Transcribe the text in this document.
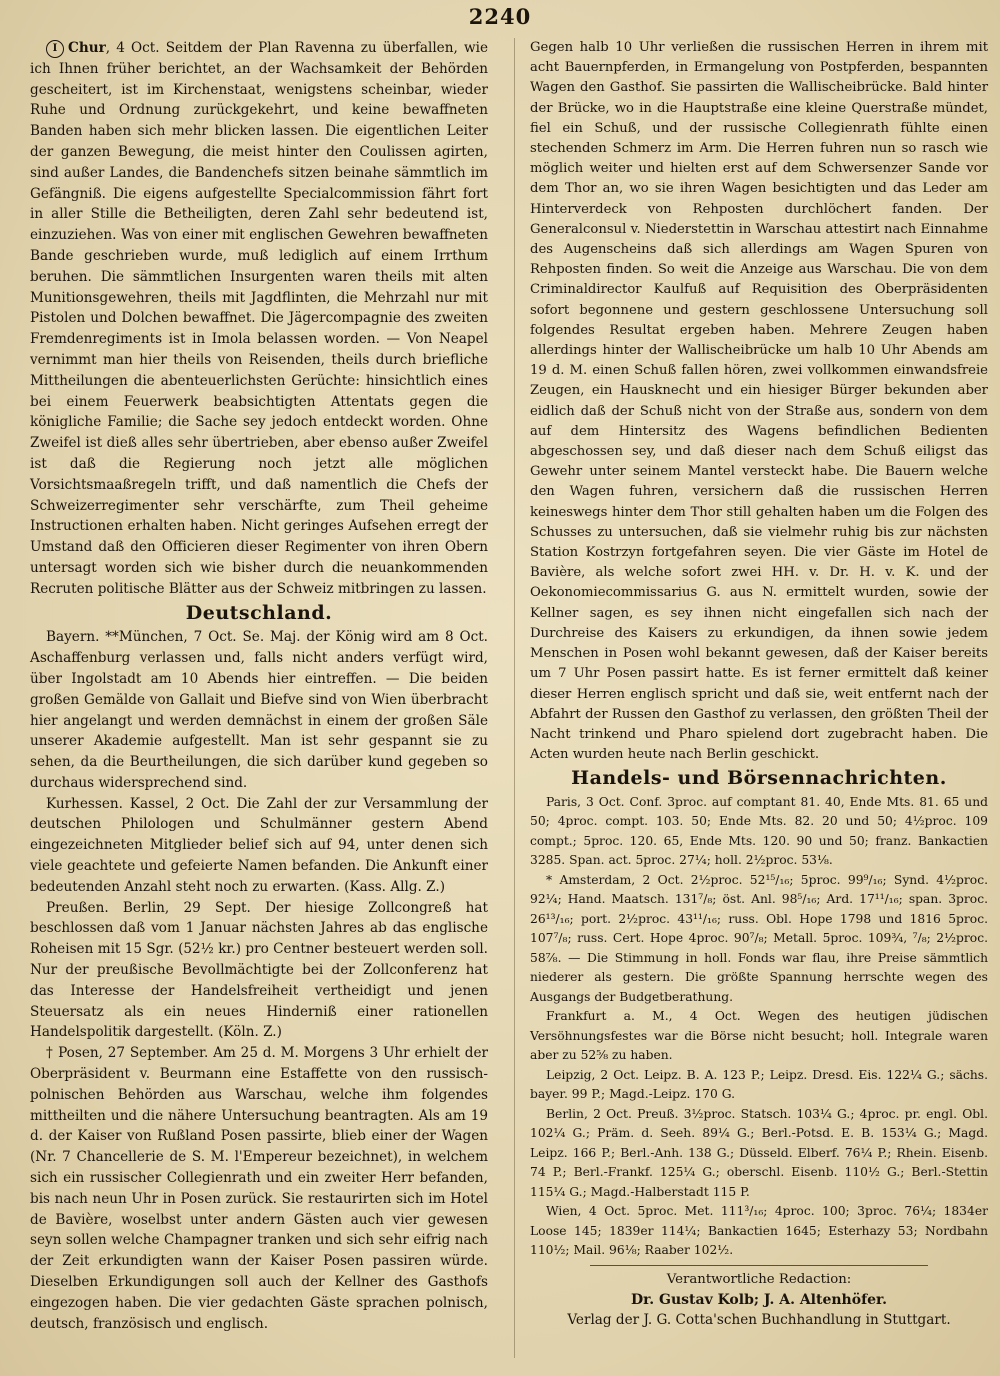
2240

I Chur, 4 Oct. Seitdem der Plan Ravenna zu überfallen, wie ich Ihnen früher berichtet, an der Wachsamkeit der Behörden gescheitert, ist im Kirchenstaat, wenigstens scheinbar, wieder Ruhe und Ordnung zurückgekehrt, und keine bewaffneten Banden haben sich mehr blicken lassen. Die eigentlichen Leiter der ganzen Bewegung, die meist hinter den Coulissen agirten, sind außer Landes, die Bandenchefs sitzen beinahe sämmtlich im Gefängniß. Die eigens aufgestellte Specialcommission fährt fort in aller Stille die Betheiligten, deren Zahl sehr bedeutend ist, einzuziehen. Was von einer mit englischen Gewehren bewaffneten Bande geschrieben wurde, muß lediglich auf einem Irrthum beruhen. Die sämmtlichen Insurgenten waren theils mit alten Munitionsgewehren, theils mit Jagdflinten, die Mehrzahl nur mit Pistolen und Dolchen bewaffnet. Die Jägercompagnie des zweiten Fremdenregiments ist in Imola belassen worden. — Von Neapel vernimmt man hier theils von Reisenden, theils durch briefliche Mittheilungen die abenteuerlichsten Gerüchte: hinsichtlich eines bei einem Feuerwerk beabsichtigten Attentats gegen die königliche Familie; die Sache sey jedoch entdeckt worden. Ohne Zweifel ist dieß alles sehr übertrieben, aber ebenso außer Zweifel ist daß die Regierung noch jetzt alle möglichen Vorsichtsmaaßregeln trifft, und daß namentlich die Chefs der Schweizerregimenter sehr verschärfte, zum Theil geheime Instructionen erhalten haben. Nicht geringes Aufsehen erregt der Umstand daß den Officieren dieser Regimenter von ihren Obern untersagt worden sich wie bisher durch die neuankommenden Recruten politische Blätter aus der Schweiz mitbringen zu lassen.

Deutschland.

Bayern. **München, 7 Oct. Se. Maj. der König wird am 8 Oct. Aschaffenburg verlassen und, falls nicht anders verfügt wird, über Ingolstadt am 10 Abends hier eintreffen. — Die beiden großen Gemälde von Gallait und Biefve sind von Wien überbracht hier angelangt und werden demnächst in einem der großen Säle unserer Akademie aufgestellt. Man ist sehr gespannt sie zu sehen, da die Beurtheilungen, die sich darüber kund gegeben so durchaus widersprechend sind.

Kurhessen. Kassel, 2 Oct. Die Zahl der zur Versammlung der deutschen Philologen und Schulmänner gestern Abend eingezeichneten Mitglieder belief sich auf 94, unter denen sich viele geachtete und gefeierte Namen befanden. Die Ankunft einer bedeutenden Anzahl steht noch zu erwarten. (Kass. Allg. Z.)

Preußen. Berlin, 29 Sept. Der hiesige Zollcongreß hat beschlossen daß vom 1 Januar nächsten Jahres ab das englische Roheisen mit 15 Sgr. (52½ kr.) pro Centner besteuert werden soll. Nur der preußische Bevollmächtigte bei der Zollconferenz hat das Interesse der Handelsfreiheit vertheidigt und jenen Steuersatz als ein neues Hinderniß einer rationellen Handelspolitik dargestellt. (Köln. Z.)

† Posen, 27 September. Am 25 d. M. Morgens 3 Uhr erhielt der Oberpräsident v. Beurmann eine Estaffette von den russisch-polnischen Behörden aus Warschau, welche ihm folgendes mittheilten und die nähere Untersuchung beantragten. Als am 19 d. der Kaiser von Rußland Posen passirte, blieb einer der Wagen (Nr. 7 Chancellerie de S. M. l'Empereur bezeichnet), in welchem sich ein russischer Collegienrath und ein zweiter Herr befanden, bis nach neun Uhr in Posen zurück. Sie restaurirten sich im Hotel de Bavière, woselbst unter andern Gästen auch vier gewesen seyn sollen welche Champagner tranken und sich sehr eifrig nach der Zeit erkundigten wann der Kaiser Posen passiren würde. Dieselben Erkundigungen soll auch der Kellner des Gasthofs eingezogen haben. Die vier gedachten Gäste sprachen polnisch, deutsch, französisch und englisch.

Gegen halb 10 Uhr verließen die russischen Herren in ihrem mit acht Bauernpferden, in Ermangelung von Postpferden, bespannten Wagen den Gasthof. Sie passirten die Wallischeibrücke. Bald hinter der Brücke, wo in die Hauptstraße eine kleine Querstraße mündet, fiel ein Schuß, und der russische Collegienrath fühlte einen stechenden Schmerz im Arm. Die Herren fuhren nun so rasch wie möglich weiter und hielten erst auf dem Schwersenzer Sande vor dem Thor an, wo sie ihren Wagen besichtigten und das Leder am Hinterverdeck von Rehposten durchlöchert fanden. Der Generalconsul v. Niederstettin in Warschau attestirt nach Einnahme des Augenscheins daß sich allerdings am Wagen Spuren von Rehposten finden. So weit die Anzeige aus Warschau. Die von dem Criminaldirector Kaulfuß auf Requisition des Oberpräsidenten sofort begonnene und gestern geschlossene Untersuchung soll folgendes Resultat ergeben haben. Mehrere Zeugen haben allerdings hinter der Wallischeibrücke um halb 10 Uhr Abends am 19 d. M. einen Schuß fallen hören, zwei vollkommen einwandsfreie Zeugen, ein Hausknecht und ein hiesiger Bürger bekunden aber eidlich daß der Schuß nicht von der Straße aus, sondern von dem auf dem Hintersitz des Wagens befindlichen Bedienten abgeschossen sey, und daß dieser nach dem Schuß eiligst das Gewehr unter seinem Mantel versteckt habe. Die Bauern welche den Wagen fuhren, versichern daß die russischen Herren keineswegs hinter dem Thor still gehalten haben um die Folgen des Schusses zu untersuchen, daß sie vielmehr ruhig bis zur nächsten Station Kostrzyn fortgefahren seyen. Die vier Gäste im Hotel de Bavière, als welche sofort zwei HH. v. Dr. H. v. K. und der Oekonomiecommissarius G. aus N. ermittelt wurden, sowie der Kellner sagen, es sey ihnen nicht eingefallen sich nach der Durchreise des Kaisers zu erkundigen, da ihnen sowie jedem Menschen in Posen wohl bekannt gewesen, daß der Kaiser bereits um 7 Uhr Posen passirt hatte. Es ist ferner ermittelt daß keiner dieser Herren englisch spricht und daß sie, weit entfernt nach der Abfahrt der Russen den Gasthof zu verlassen, den größten Theil der Nacht trinkend und Pharo spielend dort zugebracht haben. Die Acten wurden heute nach Berlin geschickt.

Handels- und Börsennachrichten.

Paris, 3 Oct. Conf. 3proc. auf comptant 81. 40, Ende Mts. 81. 65 und 50; 4proc. compt. 103. 50; Ende Mts. 82. 20 und 50; 4½proc. 109 compt.; 5proc. 120. 65, Ende Mts. 120. 90 und 50; franz. Bankactien 3285. Span. act. 5proc. 27¼; holl. 2½proc. 53⅛.

* Amsterdam, 2 Oct. 2½proc. 52¹⁵/₁₆; 5proc. 99⁹/₁₆; Synd. 4½proc. 92¼; Hand. Maatsch. 131⁷/₈; öst. Anl. 98⁵/₁₆; Ard. 17¹¹/₁₆; span. 3proc. 26¹³/₁₆; port. 2½proc. 43¹¹/₁₆; russ. Obl. Hope 1798 und 1816 5proc. 107⁷/₈; russ. Cert. Hope 4proc. 90⁷/₈; Metall. 5proc. 109¾, ⁷/₈; 2½proc. 58⅞. — Die Stimmung in holl. Fonds war flau, ihre Preise sämmtlich niederer als gestern. Die größte Spannung herrschte wegen des Ausgangs der Budgetberathung.

Frankfurt a. M., 4 Oct. Wegen des heutigen jüdischen Versöhnungsfestes war die Börse nicht besucht; holl. Integrale waren aber zu 52⅝ zu haben.

Leipzig, 2 Oct. Leipz. B. A. 123 P.; Leipz. Dresd. Eis. 122¼ G.; sächs. bayer. 99 P.; Magd.-Leipz. 170 G.

Berlin, 2 Oct. Preuß. 3½proc. Statsch. 103¼ G.; 4proc. pr. engl. Obl. 102¼ G.; Präm. d. Seeh. 89¼ G.; Berl.-Potsd. E. B. 153¼ G.; Magd. Leipz. 166 P.; Berl.-Anh. 138 G.; Düsseld. Elberf. 76¼ P.; Rhein. Eisenb. 74 P.; Berl.-Frankf. 125¼ G.; oberschl. Eisenb. 110½ G.; Berl.-Stettin 115¼ G.; Magd.-Halberstadt 115 P.

Wien, 4 Oct. 5proc. Met. 111³/₁₆; 4proc. 100; 3proc. 76¼; 1834er Loose 145; 1839er 114¼; Bankactien 1645; Esterhazy 53; Nordbahn 110½; Mail. 96⅛; Raaber 102½.

Verantwortliche Redaction:
Dr. Gustav Kolb; J. A. Altenhöfer.
Verlag der J. G. Cotta'schen Buchhandlung in Stuttgart.
